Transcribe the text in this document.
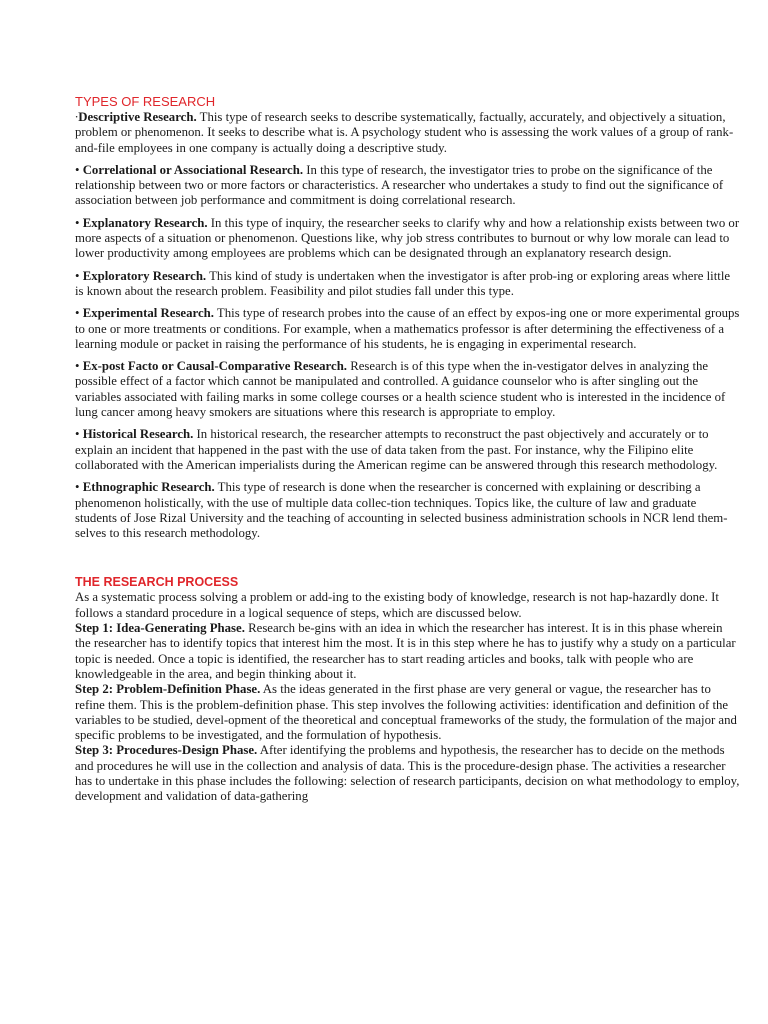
TYPES OF RESEARCH

∙Descriptive Research. This type of research seeks to describe systematically, factually, accurately, and objectively a situation, problem or phenomenon. It seeks to describe what is. A psychology student who is assessing the work values of a group of rank-and-file employees in one company is actually doing a descriptive study.

• Correlational or Associational Research. In this type of research, the investigator tries to probe on the significance of the relationship between two or more factors or characteristics. A researcher who undertakes a study to find out the significance of association between job performance and commitment is doing correlational research.

• Explanatory Research. In this type of inquiry, the researcher seeks to clarify why and how a relationship exists between two or more aspects of a situation or phenomenon. Questions like, why job stress contributes to burnout or why low morale can lead to lower productivity among employees are problems which can be designated through an explanatory research design.

• Exploratory Research. This kind of study is undertaken when the investigator is after prob-ing or exploring areas where little is known about the research problem. Feasibility and pilot studies fall under this type.

• Experimental Research. This type of research probes into the cause of an effect by expos-ing one or more experimental groups to one or more treatments or conditions. For example, when a mathematics professor is after determining the effectiveness of a learning module or packet in raising the performance of his students, he is engaging in experimental research.

• Ex-post Facto or Causal-Comparative Research. Research is of this type when the in-vestigator delves in analyzing the possible effect of a factor which cannot be manipulated and controlled. A guidance counselor who is after singling out the variables associated with failing marks in some college courses or a health science student who is interested in the incidence of lung cancer among heavy smokers are situations where this research is appropriate to employ.

• Historical Research. In historical research, the researcher attempts to reconstruct the past objectively and accurately or to explain an incident that happened in the past with the use of data taken from the past. For instance, why the Filipino elite collaborated with the American imperialists during the American regime can be answered through this research methodology.

• Ethnographic Research. This type of research is done when the researcher is concerned with explaining or describing a phenomenon holistically, with the use of multiple data collec-tion techniques. Topics like, the culture of law and graduate students of Jose Rizal University and the teaching of accounting in selected business administration schools in NCR lend them-selves to this research methodology.

THE RESEARCH PROCESS

As a systematic process solving a problem or add-ing to the existing body of knowledge, research is not hap-hazardly done. It follows a standard procedure in a logical sequence of steps, which are discussed below.

Step 1: Idea-Generating Phase. Research be-gins with an idea in which the researcher has interest. It is in this phase wherein the researcher has to identify topics that interest him the most. It is in this step where he has to justify why a study on a particular topic is needed. Once a topic is identified, the researcher has to start reading articles and books, talk with people who are knowledgeable in the area, and begin thinking about it.

Step 2: Problem-Definition Phase. As the ideas generated in the first phase are very general or vague, the researcher has to refine them. This is the problem-definition phase. This step involves the following activities: identification and definition of the variables to be studied, devel-opment of the theoretical and conceptual frameworks of the study, the formulation of the major and specific problems to be investigated, and the formulation of hypothesis.

Step 3: Procedures-Design Phase. After identifying the problems and hypothesis, the researcher has to decide on the methods and procedures he will use in the collection and analysis of data. This is the procedure-design phase. The activities a researcher has to undertake in this phase includes the following: selection of research participants, decision on what methodology to employ, development and validation of data-gathering
